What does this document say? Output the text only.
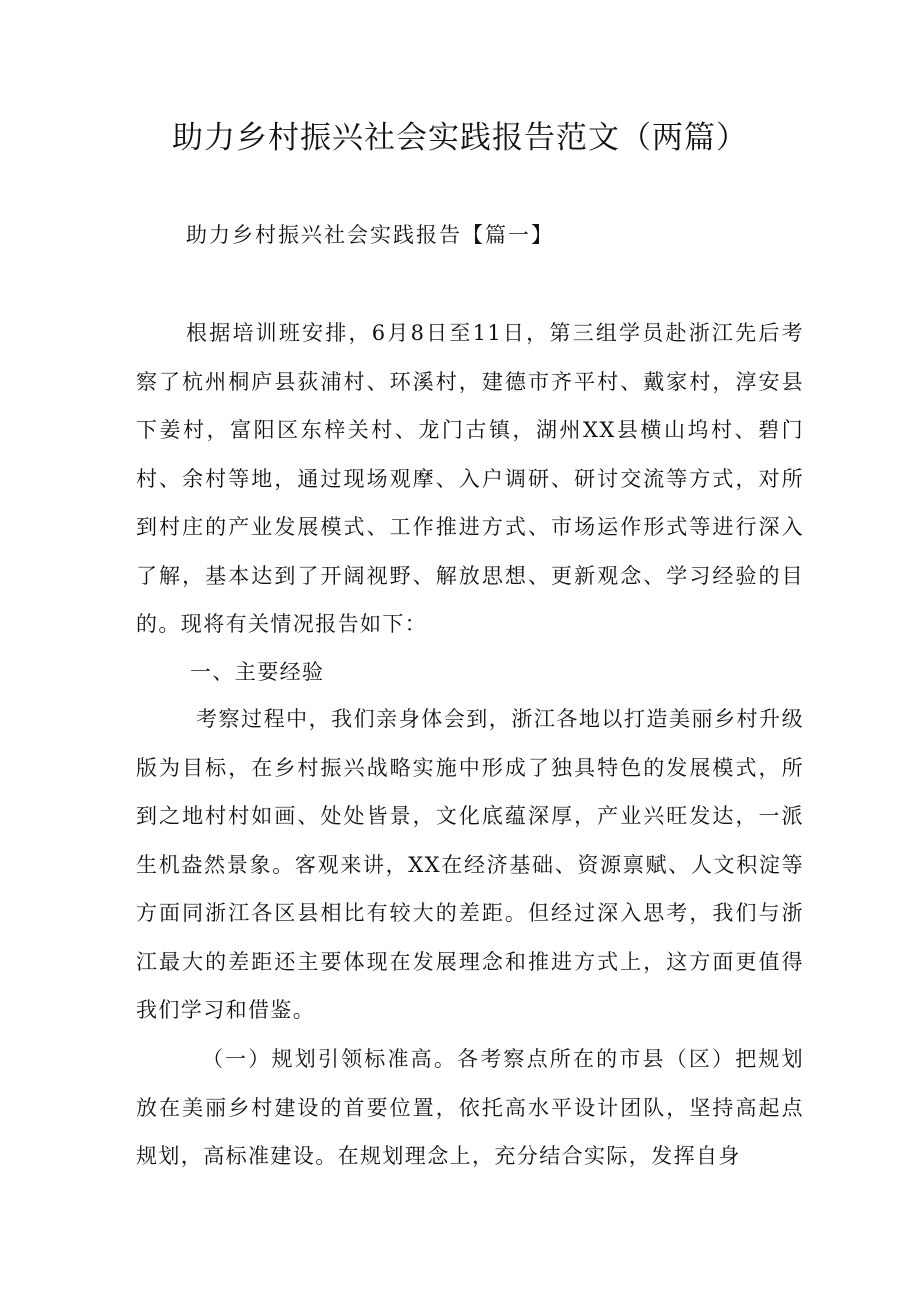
助力乡村振兴社会实践报告范文（两篇）
助力乡村振兴社会实践报告【篇一】

根据培训班安排，6月8日至11日，第三组学员赴浙江先后考察了杭州桐庐县荻浦村、环溪村，建德市齐平村、戴家村，淳安县下姜村，富阳区东梓关村、龙门古镇，湖州XX县横山坞村、碧门村、余村等地，通过现场观摩、入户调研、研讨交流等方式，对所到村庄的产业发展模式、工作推进方式、市场运作形式等进行深入了解，基本达到了开阔视野、解放思想、更新观念、学习经验的目的。现将有关情况报告如下：

一、主要经验

考察过程中，我们亲身体会到，浙江各地以打造美丽乡村升级版为目标，在乡村振兴战略实施中形成了独具特色的发展模式，所到之地村村如画、处处皆景，文化底蕴深厚，产业兴旺发达，一派生机盎然景象。客观来讲，XX在经济基础、资源禀赋、人文积淀等方面同浙江各区县相比有较大的差距。但经过深入思考，我们与浙江最大的差距还主要体现在发展理念和推进方式上，这方面更值得我们学习和借鉴。

（一）规划引领标准高。各考察点所在的市县（区）把规划放在美丽乡村建设的首要位置，依托高水平设计团队，坚持高起点规划，高标准建设。在规划理念上，充分结合实际，发挥自身
